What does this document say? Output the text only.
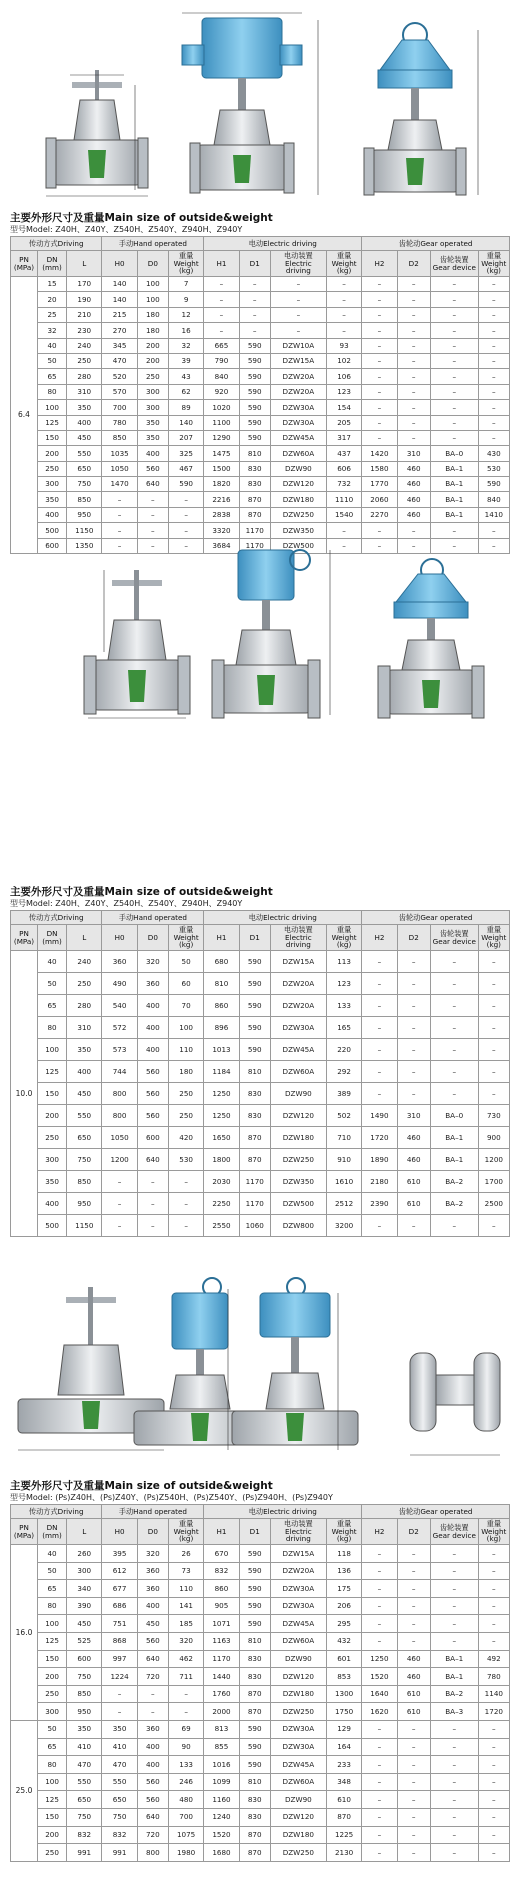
主要外形尺寸及重量Main size of outside&weight
型号Model: Z40H、Z40Y、Z540H、Z540Y、Z940H、Z940Y
传动方式Driving			手动Hand operated			电动Electric driving				齿轮动Gear operated			
PN (MPa)	DN (mm)	L	H0	D0	重量 Weight (kg)	H1	D1	电动装置 Electric driving	重量 Weight (kg)	H2	D2	齿轮装置 Gear device	重量 Weight (kg)
6.4	15	170	140	100	7	–	–	–	–	–	–	–	–
	20	190	140	100	9	–	–	–	–	–	–	–	–
	25	210	215	180	12	–	–	–	–	–	–	–	–
	32	230	270	180	16	–	–	–	–	–	–	–	–
	40	240	345	200	32	665	590	DZW10A	93	–	–	–	–
	50	250	470	200	39	790	590	DZW15A	102	–	–	–	–
	65	280	520	250	43	840	590	DZW20A	106	–	–	–	–
	80	310	570	300	62	920	590	DZW20A	123	–	–	–	–
	100	350	700	300	89	1020	590	DZW30A	154	–	–	–	–
	125	400	780	350	140	1100	590	DZW30A	205	–	–	–	–
	150	450	850	350	207	1290	590	DZW45A	317	–	–	–	–
	200	550	1035	400	325	1475	810	DZW60A	437	1420	310	BA–0	430
	250	650	1050	560	467	1500	830	DZW90	606	1580	460	BA–1	530
	300	750	1470	640	590	1820	830	DZW120	732	1770	460	BA–1	590
	350	850	–	–	–	2216	870	DZW180	1110	2060	460	BA–1	840
	400	950	–	–	–	2838	870	DZW250	1540	2270	460	BA–1	1410
	500	1150	–	–	–	3320	1170	DZW350	–	–	–	–	–
	600	1350	–	–	–	3684	1170	DZW500	–	–	–	–	–
主要外形尺寸及重量Main size of outside&weight
型号Model: Z40H、Z40Y、Z540H、Z540Y、Z940H、Z940Y
传动方式Driving			手动Hand operated			电动Electric driving				齿轮动Gear operated			
PN (MPa)	DN (mm)	L	H0	D0	重量 Weight (kg)	H1	D1	电动装置 Electric driving	重量 Weight (kg)	H2	D2	齿轮装置 Gear device	重量 Weight (kg)
10.0	40	240	360	320	50	680	590	DZW15A	113	–	–	–	–
	50	250	490	360	60	810	590	DZW20A	123	–	–	–	–
	65	280	540	400	70	860	590	DZW20A	133	–	–	–	–
	80	310	572	400	100	896	590	DZW30A	165	–	–	–	–
	100	350	573	400	110	1013	590	DZW45A	220	–	–	–	–
	125	400	744	560	180	1184	810	DZW60A	292	–	–	–	–
	150	450	800	560	250	1250	830	DZW90	389	–	–	–	–
	200	550	800	560	250	1250	830	DZW120	502	1490	310	BA–0	730
	250	650	1050	600	420	1650	870	DZW180	710	1720	460	BA–1	900
	300	750	1200	640	530	1800	870	DZW250	910	1890	460	BA–1	1200
	350	850	–	–	–	2030	1170	DZW350	1610	2180	610	BA–2	1700
	400	950	–	–	–	2250	1170	DZW500	2512	2390	610	BA–2	2500
	500	1150	–	–	–	2550	1060	DZW800	3200	–	–	–	–
主要外形尺寸及重量Main size of outside&weight
型号Model: (Ps)Z40H、(Ps)Z40Y、(Ps)Z540H、(Ps)Z540Y、(Ps)Z940H、(Ps)Z940Y
传动方式Driving			手动Hand operated			电动Electric driving				齿轮动Gear operated			
PN (MPa)	DN (mm)	L	H0	D0	重量 Weight (kg)	H1	D1	电动装置 Electric driving	重量 Weight (kg)	H2	D2	齿轮装置 Gear device	重量 Weight (kg)
16.0	40	260	395	320	26	670	590	DZW15A	118	–	–	–	–
	50	300	612	360	73	832	590	DZW20A	136	–	–	–	–
	65	340	677	360	110	860	590	DZW30A	175	–	–	–	–
	80	390	686	400	141	905	590	DZW30A	206	–	–	–	–
	100	450	751	450	185	1071	590	DZW45A	295	–	–	–	–
	125	525	868	560	320	1163	810	DZW60A	432	–	–	–	–
	150	600	997	640	462	1170	830	DZW90	601	1250	460	BA–1	492
	200	750	1224	720	711	1440	830	DZW120	853	1520	460	BA–1	780
	250	850	–	–	–	1760	870	DZW180	1300	1640	610	BA–2	1140
	300	950	–	–	–	2000	870	DZW250	1750	1620	610	BA–3	1720
25.0	50	350	350	360	69	813	590	DZW30A	129	–	–	–	–
	65	410	410	400	90	855	590	DZW30A	164	–	–	–	–
	80	470	470	400	133	1016	590	DZW45A	233	–	–	–	–
	100	550	550	560	246	1099	810	DZW60A	348	–	–	–	–
	125	650	650	560	480	1160	830	DZW90	610	–	–	–	–
	150	750	750	640	700	1240	830	DZW120	870	–	–	–	–
	200	832	832	720	1075	1520	870	DZW180	1225	–	–	–	–
	250	991	991	800	1980	1680	870	DZW250	2130	–	–	–	–
